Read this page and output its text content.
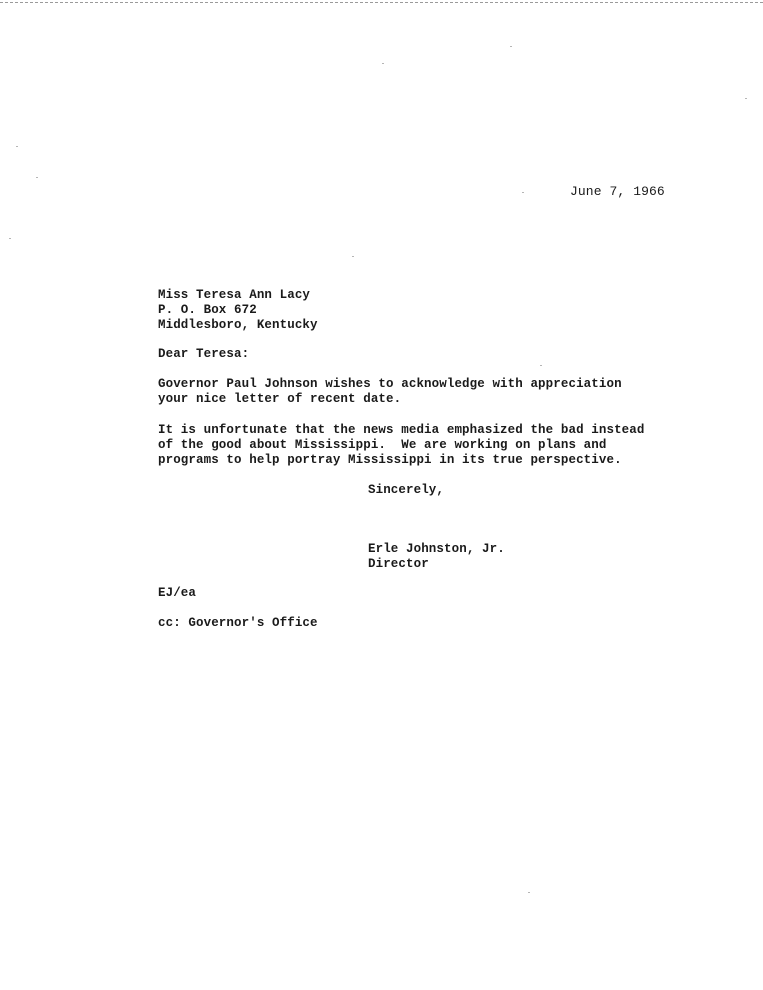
June 7, 1966
Miss Teresa Ann Lacy
P. O. Box 672
Middlesboro, Kentucky
Dear Teresa:
Governor Paul Johnson wishes to acknowledge with appreciation
your nice letter of recent date.
It is unfortunate that the news media emphasized the bad instead
of the good about Mississippi.  We are working on plans and
programs to help portray Mississippi in its true perspective.
Sincerely,
Erle Johnston, Jr.
Director
EJ/ea
cc: Governor's Office
